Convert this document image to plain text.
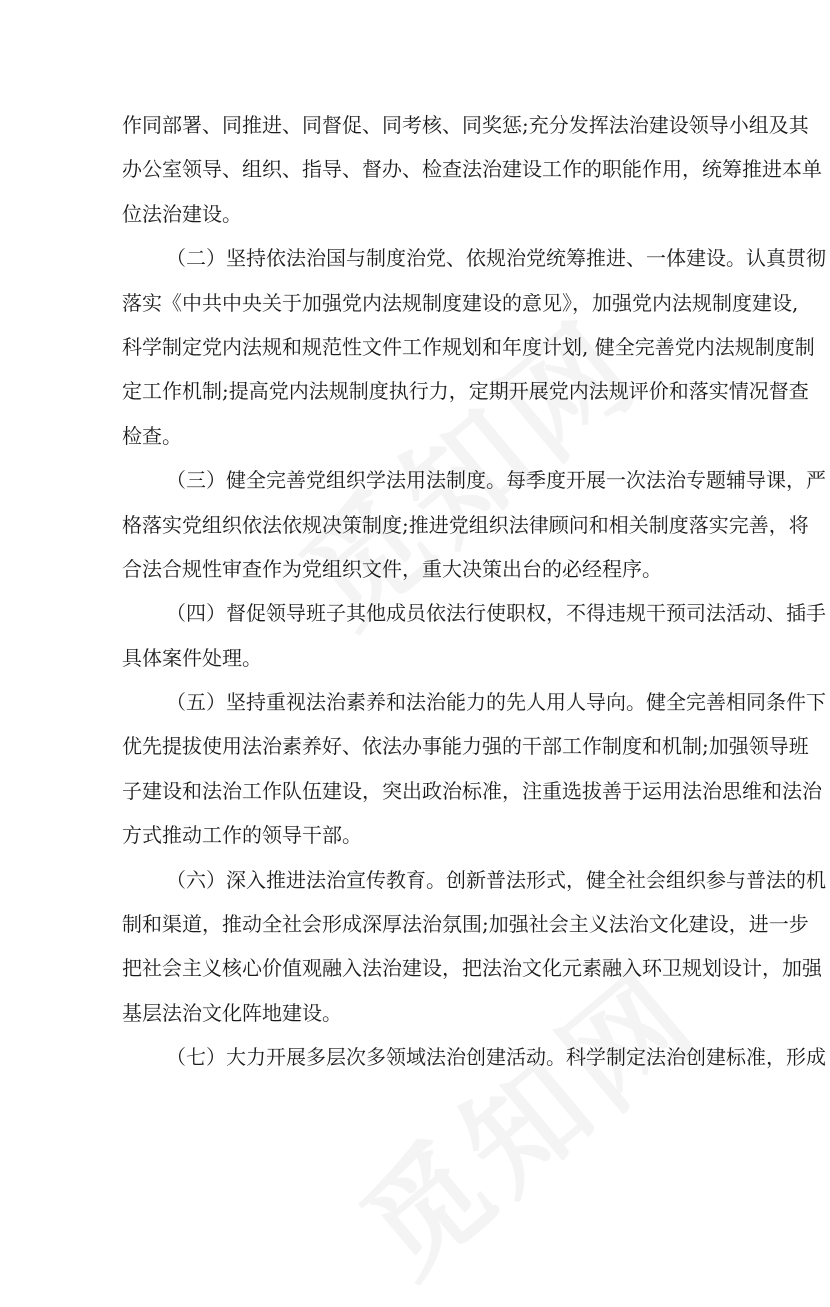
作同部署、同推进、同督促、同考核、同奖惩;充分发挥法治建设领导小组及其
办公室领导、组织、指导、督办、检查法治建设工作的职能作用，统筹推进本单
位法治建设。
（二）坚持依法治国与制度治党、依规治党统筹推进、一体建设。认真贯彻
落实《中共中央关于加强党内法规制度建设的意见》，加强党内法规制度建设,
科学制定党内法规和规范性文件工作规划和年度计划, 健全完善党内法规制度制
定工作机制;提高党内法规制度执行力，定期开展党内法规评价和落实情况督查
检查。
（三）健全完善党组织学法用法制度。每季度开展一次法治专题辅导课，严
格落实党组织依法依规决策制度;推进党组织法律顾问和相关制度落实完善，将
合法合规性审查作为党组织文件，重大决策出台的必经程序。
（四）督促领导班子其他成员依法行使职权，不得违规干预司法活动、插手
具体案件处理。
（五）坚持重视法治素养和法治能力的先人用人导向。健全完善相同条件下
优先提拔使用法治素养好、依法办事能力强的干部工作制度和机制;加强领导班
子建设和法治工作队伍建设，突出政治标准，注重选拔善于运用法治思维和法治
方式推动工作的领导干部。
（六）深入推进法治宣传教育。创新普法形式，健全社会组织参与普法的机
制和渠道，推动全社会形成深厚法治氛围;加强社会主义法治文化建设，进一步
把社会主义核心价值观融入法治建设，把法治文化元素融入环卫规划设计，加强
基层法治文化阵地建设。
（七）大力开展多层次多领域法治创建活动。科学制定法治创建标准，形成
